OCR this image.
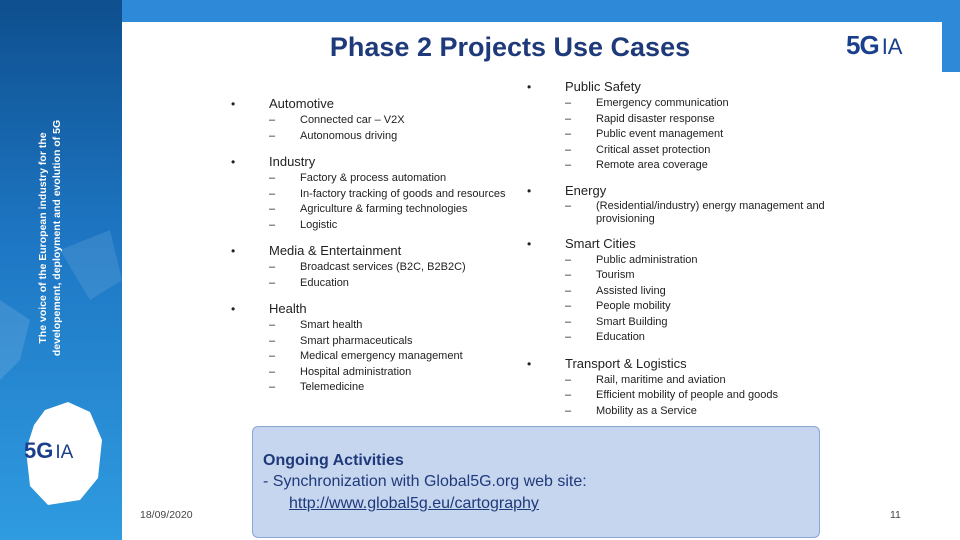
The voice of the European industry for the developement, deployment and evolution of 5G
5G IA
Phase 2 Projects Use Cases	5G IA
•	Automotive
– Connected car – V2X
– Autonomous driving
•	Industry
– Factory & process automation
– In-factory tracking of goods and resources
– Agriculture & farming technologies
– Logistic
•	Media & Entertainment
– Broadcast services (B2C, B2B2C)
– Education
•	Health
– Smart health
– Smart pharmaceuticals
– Medical emergency management
– Hospital administration
– Telemedicine
•	Public Safety
– Emergency communication
– Rapid disaster response
– Public event management
– Critical asset protection
– Remote area coverage
•	Energy
– (Residential/industry) energy management and provisioning
•	Smart Cities
– Public administration
– Tourism
– Assisted living
– People mobility
– Smart Building
– Education
•	Transport & Logistics
– Rail, maritime and aviation
– Efficient mobility of people and goods
– Mobility as a Service
Ongoing Activities
- Synchronization with Global5G.org web site:
http://www.global5g.eu/cartography
18/09/2020	11
